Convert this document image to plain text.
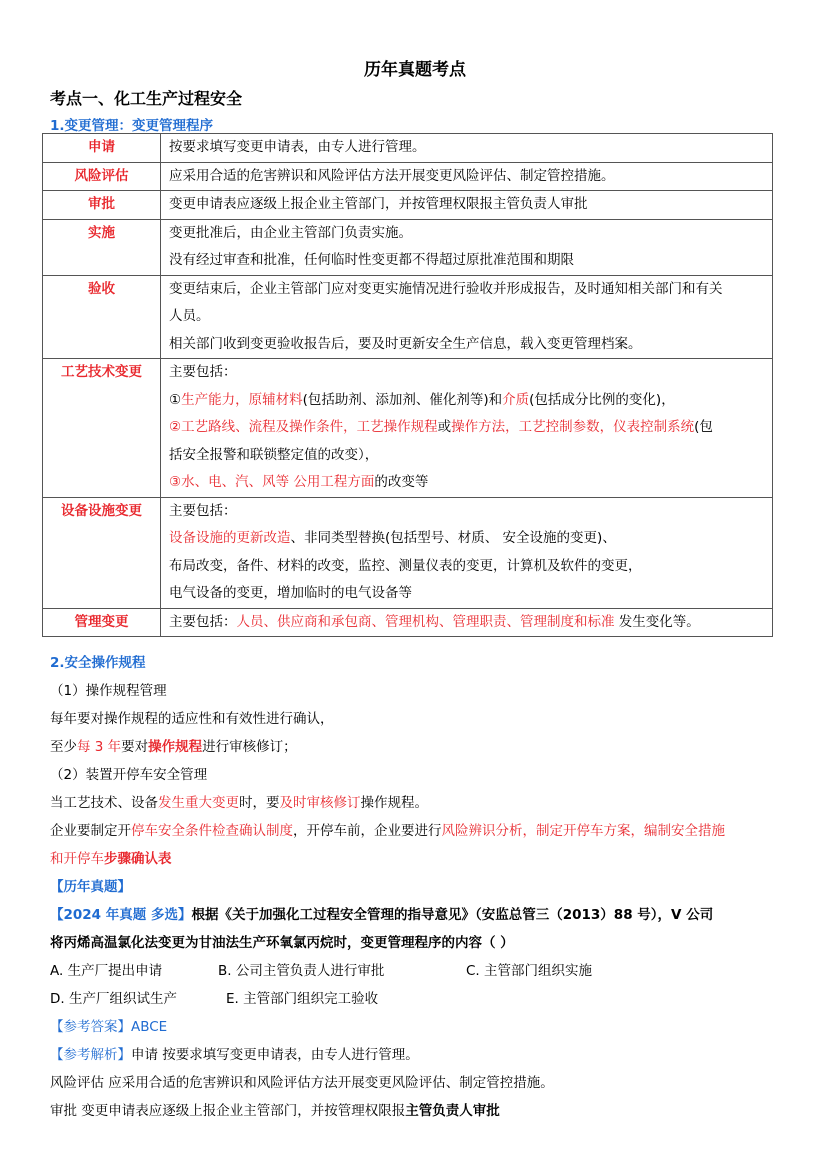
历年真题考点
考点一、化工生产过程安全
1.变更管理：变更管理程序
申请	按要求填写变更申请表，由专人进行管理。

风险评估	应采用合适的危害辨识和风险评估方法开展变更风险评估、制定管控措施。

审批	变更申请表应逐级上报企业主管部门，并按管理权限报主管负责人审批

实施	变更批准后，由企业主管部门负责实施。
没有经过审查和批准，任何临时性变更都不得超过原批准范围和期限

验收	变更结束后，企业主管部门应对变更实施情况进行验收并形成报告，及时通知相关部门和有关
人员。
相关部门收到变更验收报告后，要及时更新安全生产信息，载入变更管理档案。

工艺技术变更	主要包括：
①生产能力，原辅材料(包括助剂、添加剂、催化剂等)和介质(包括成分比例的变化)，
②工艺路线、流程及操作条件，工艺操作规程或操作方法，工艺控制参数，仪表控制系统(包
括安全报警和联锁整定值的改变），
③水、电、汽、风等 公用工程方面的改变等

设备设施变更	主要包括：
设备设施的更新改造、非同类型替换(包括型号、材质、 安全设施的变更)、
布局改变，备件、材料的改变，监控、测量仪表的变更，计算机及软件的变更，
电气设备的变更，增加临时的电气设备等

管理变更	主要包括：人员、供应商和承包商、管理机构、管理职责、管理制度和标准 发生变化等。
2.安全操作规程
（1）操作规程管理
每年要对操作规程的适应性和有效性进行确认，
至少每 3 年要对操作规程进行审核修订；
（2）装置开停车安全管理
当工艺技术、设备发生重大变更时，要及时审核修订操作规程。
企业要制定开停车安全条件检查确认制度，开停车前，企业要进行风险辨识分析，制定开停车方案，编制安全措施
和开停车步骤确认表
【历年真题】
【2024 年真题 多选】根据《关于加强化工过程安全管理的指导意见》（安监总管三（2013）88 号），V 公司
将丙烯高温氯化法变更为甘油法生产环氧氯丙烷时，变更管理程序的内容（ ）
A. 生产厂提出申请	B. 公司主管负责人进行审批	C. 主管部门组织实施
D. 生产厂组织试生产	E. 主管部门组织完工验收
【参考答案】ABCE
【参考解析】申请 按要求填写变更申请表，由专人进行管理。
风险评估 应采用合适的危害辨识和风险评估方法开展变更风险评估、制定管控措施。
审批 变更申请表应逐级上报企业主管部门，并按管理权限报主管负责人审批
